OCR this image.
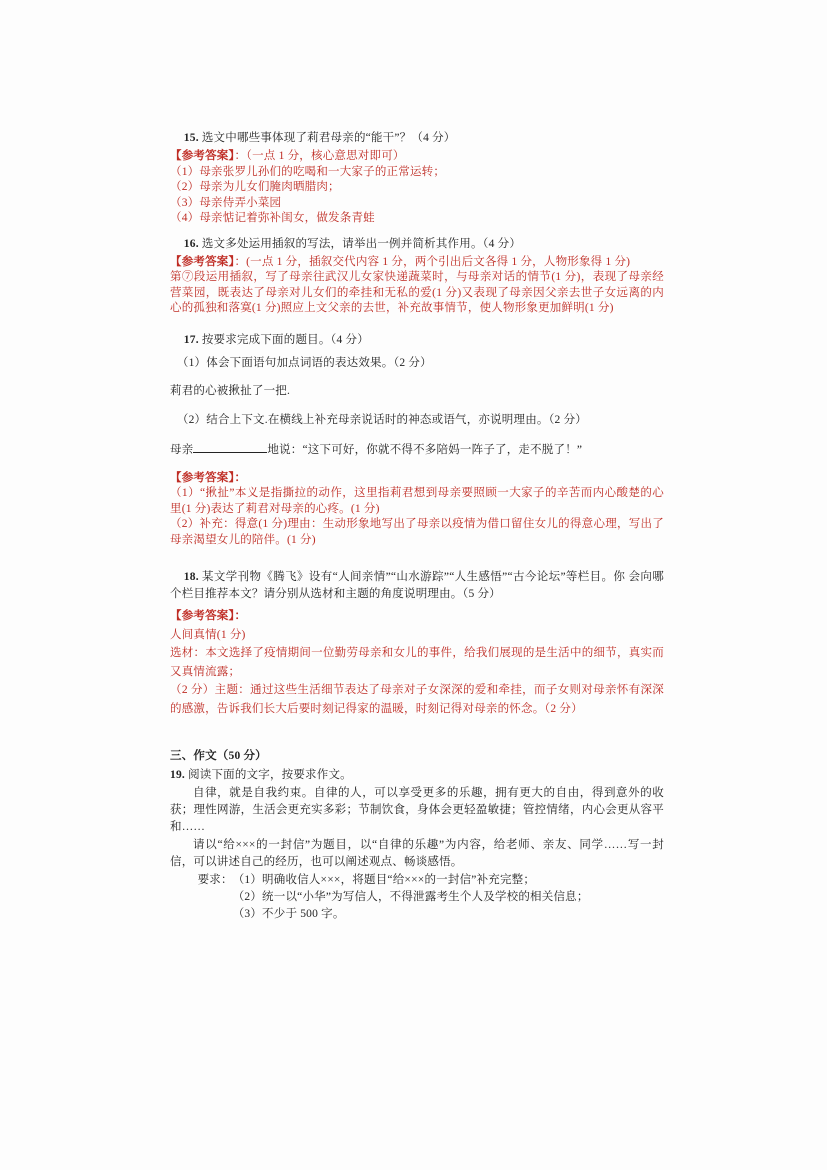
15. 选文中哪些事体现了莉君母亲的“能干”？（4 分）

【参考答案】：（一点 1 分，核心意思对即可）

（1）母亲张罗儿孙们的吃喝和一大家子的正常运转；

（2）母亲为儿女们腌肉晒腊肉；

（3）母亲侍弄小菜园

（4）母亲惦记着弥补闺女，做发条青蛙

16. 选文多处运用插叙的写法，请举出一例并简析其作用。（4 分）

【参考答案】：(一点 1 分，插叙交代内容 1 分，两个引出后文各得 1 分，人物形象得 1 分)

第⑦段运用插叙，写了母亲往武汉儿女家快递蔬菜时，与母亲对话的情节(1 分)，表现了母亲经营菜园，既表达了母亲对儿女们的牵挂和无私的爱(1 分)又表现了母亲因父亲去世子女远离的内心的孤独和落寞(1 分)照应上文父亲的去世，补充故事情节，使人物形象更加鲜明(1 分)

17. 按要求完成下面的题目。（4 分）

（1）体会下面语句加点词语的表达效果。（2 分）

莉君的心被揪扯了一把.

（2）结合上下文.在横线上补充母亲说话时的神态或语气，亦说明理由。（2 分）

母亲	地说：“这下可好，你就不得不多陪妈一阵子了，走不脱了！”

【参考答案】：

（1）“揪扯”本义是指撕拉的动作，这里指莉君想到母亲要照顾一大家子的辛苦而内心酸楚的心里(1 分)表达了莉君对母亲的心疼。(1 分)

（2）补充：得意(1 分)理由：生动形象地写出了母亲以疫情为借口留住女儿的得意心理，写出了母亲渴望女儿的陪伴。(1 分)

18. 某文学刊物《腾飞》设有“人间亲情”“山水游踪”“人生感悟”“古今论坛”等栏目。你 会向哪个栏目推荐本文？请分别从选材和主题的角度说明理由。（5 分）

【参考答案】：

人间真情(1 分)

选材：本文选择了疫情期间一位勤劳母亲和女儿的事件，给我们展现的是生活中的细节，真实而又真情流露；

（2 分）主题：通过这些生活细节表达了母亲对子女深深的爱和牵挂，而子女则对母亲怀有深深的感激，告诉我们长大后要时刻记得家的温暖，时刻记得对母亲的怀念。（2 分）

三、作文（50 分）

19. 阅读下面的文字，按要求作文。

自律，就是自我约束。自律的人，可以享受更多的乐趣，拥有更大的自由，得到意外的收获；理性网游，生活会更充实多彩；节制饮食，身体会更轻盈敏捷；管控情绪，内心会更从容平和……

请以“给×××的一封信”为题目，以“自律的乐趣”为内容，给老师、亲友、同学……写一封信，可以讲述自己的经历，也可以阐述观点、畅谈感悟。

要求： （1）明确收信人×××，将题目“给×××的一封信”补充完整；

（2）统一以“小华”为写信人，不得泄露考生个人及学校的相关信息；

（3）不少于 500 字。
